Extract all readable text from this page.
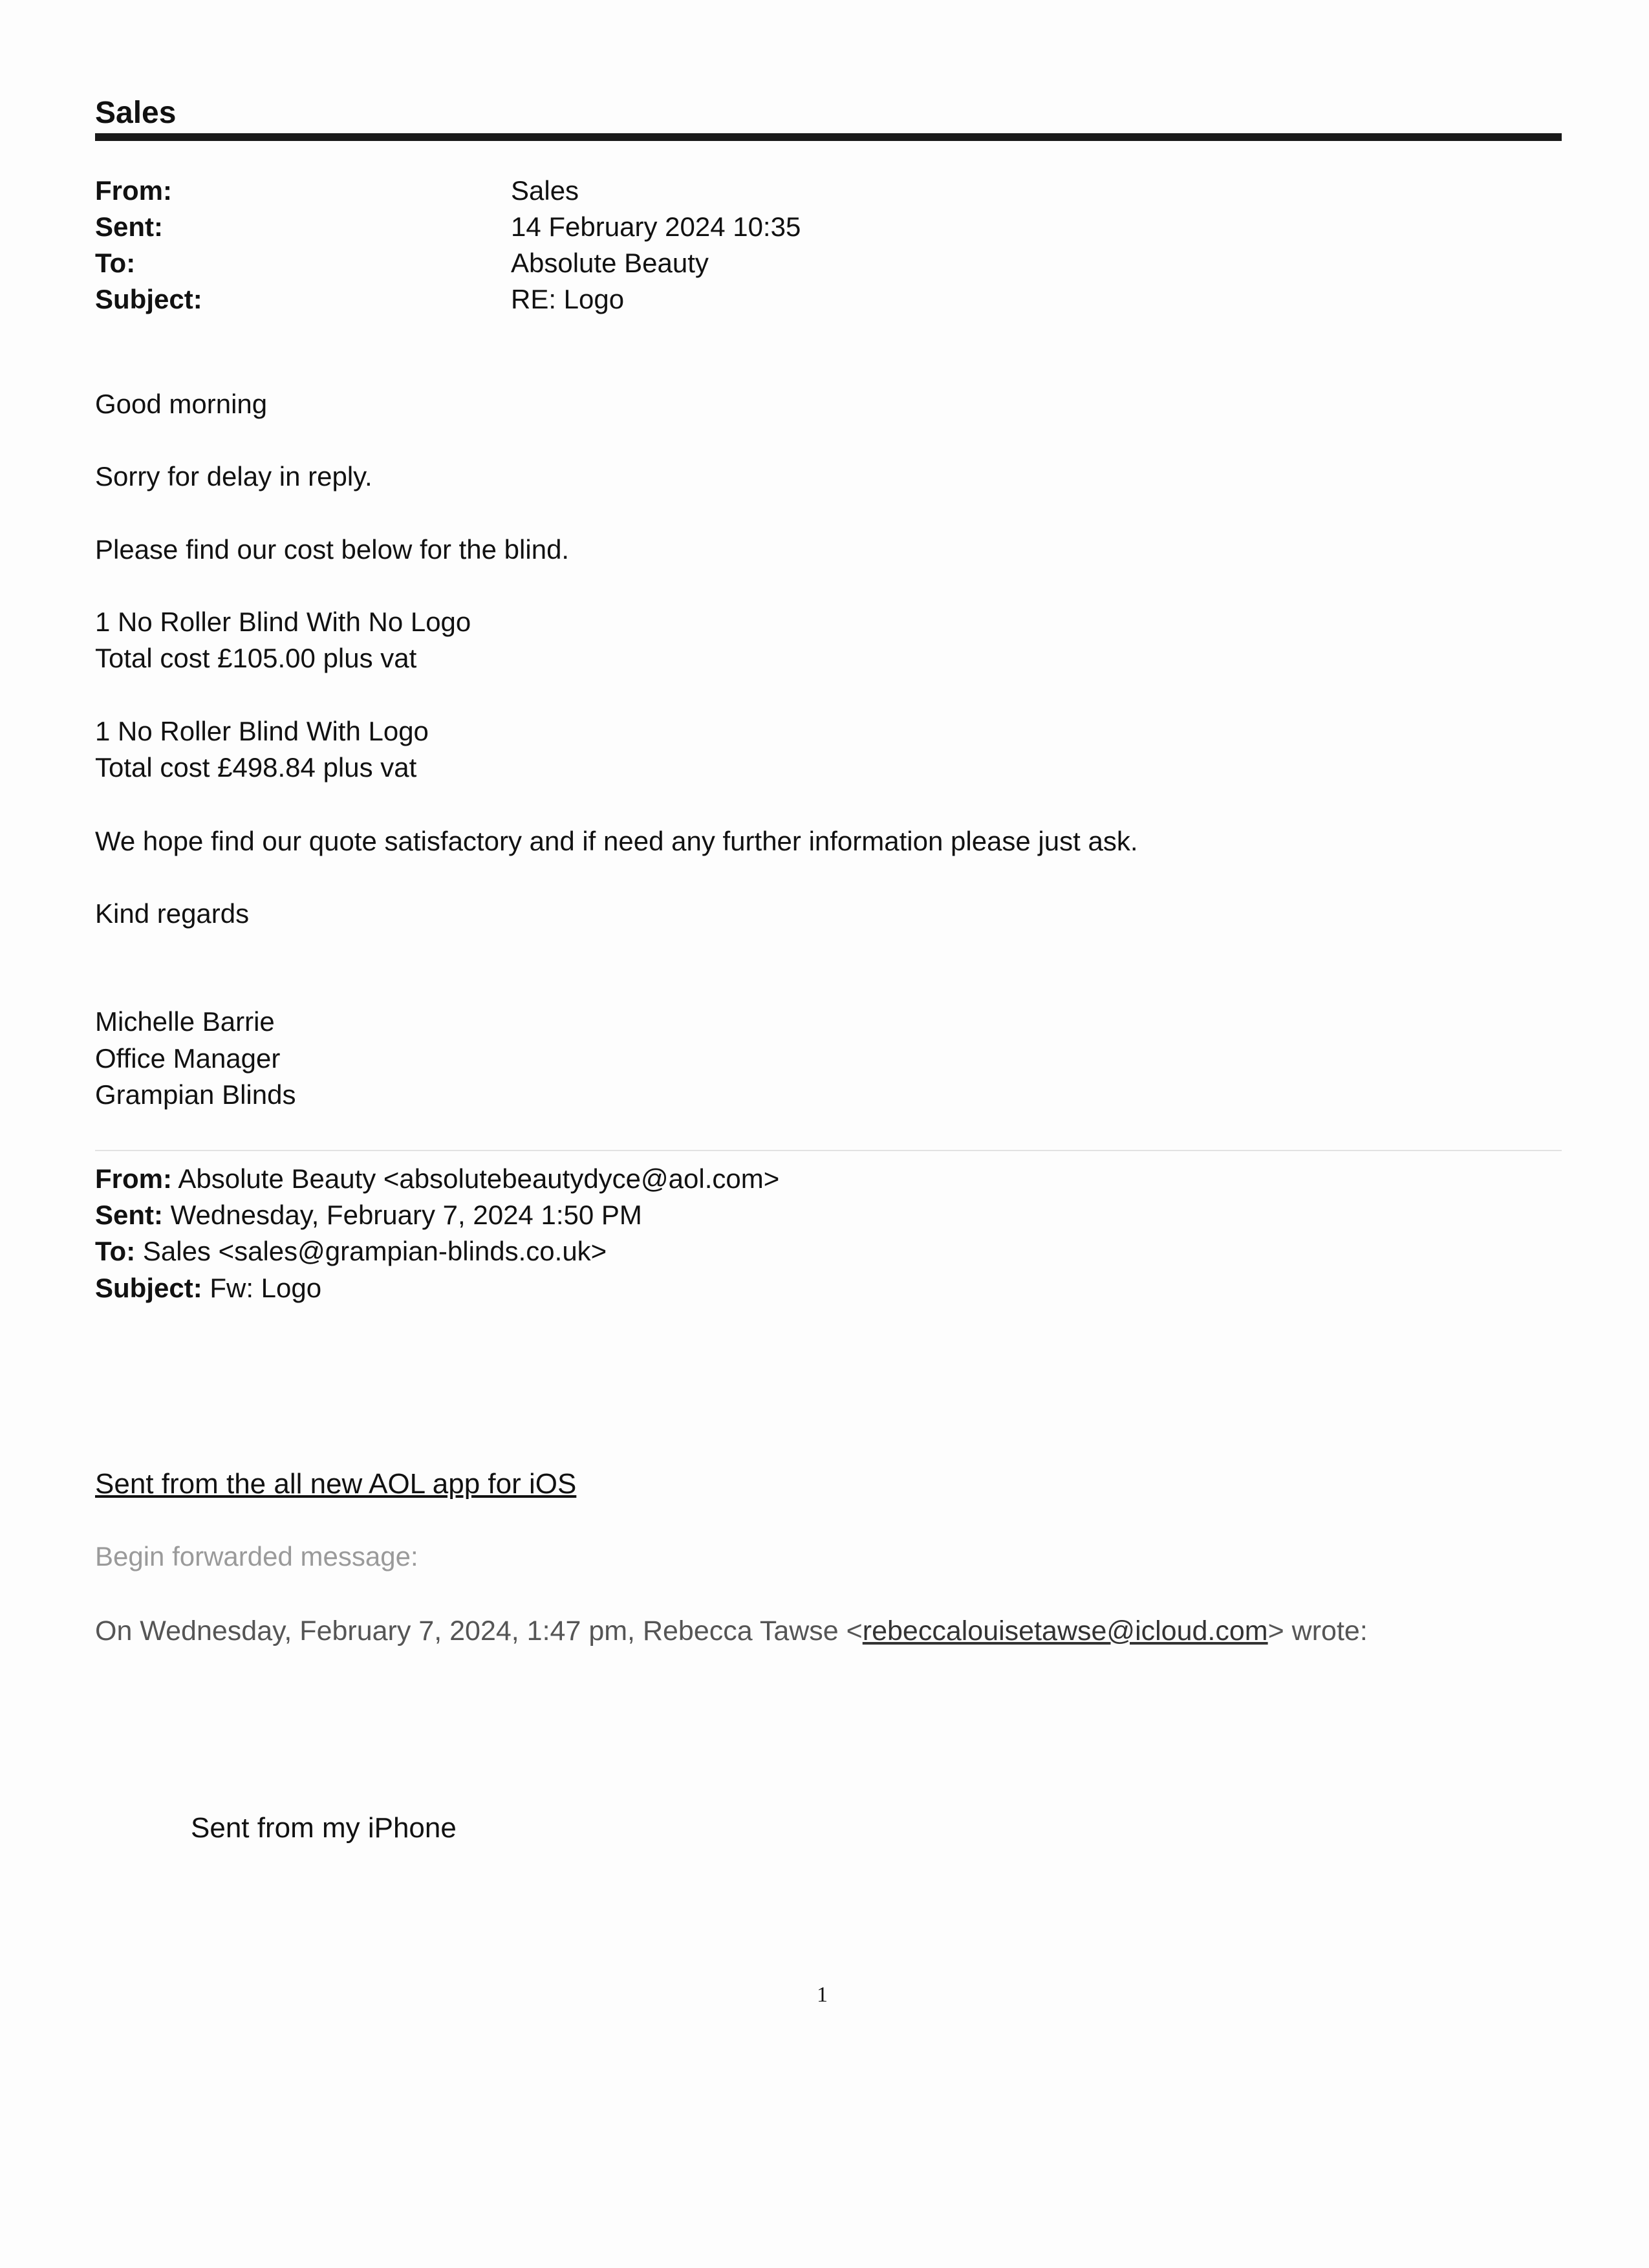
Sales
From:	Sales
Sent:	14 February 2024 10:35
To:	Absolute Beauty
Subject:	RE: Logo
Good morning
Sorry for delay in reply.
Please find our cost below for the blind.
1 No Roller Blind With No Logo
Total cost £105.00 plus vat
1 No Roller Blind With Logo
Total cost £498.84 plus vat
We hope find our quote satisfactory and if need any further information please just ask.
Kind regards
Michelle Barrie
Office Manager
Grampian Blinds
From: Absolute Beauty <absolutebeautydyce@aol.com>
Sent: Wednesday, February 7, 2024 1:50 PM
To: Sales <sales@grampian-blinds.co.uk>
Subject: Fw: Logo
Sent from the all new AOL app for iOS
Begin forwarded message:
On Wednesday, February 7, 2024, 1:47 pm, Rebecca Tawse <rebeccalouisetawse@icloud.com> wrote:
Sent from my iPhone
1
